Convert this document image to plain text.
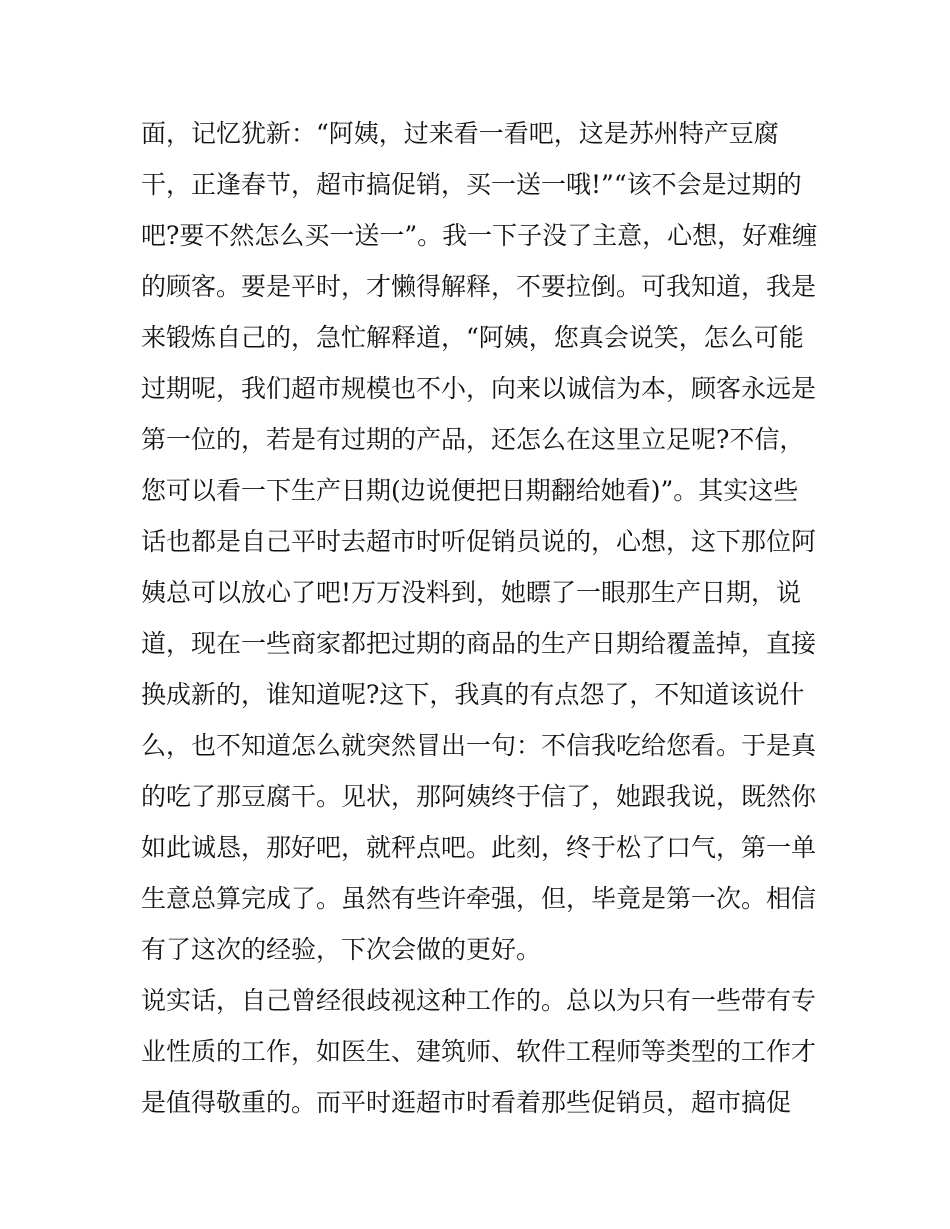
面，记忆犹新：“阿姨，过来看一看吧，这是苏州特产豆腐
干，正逢春节，超市搞促销，买一送一哦!”“该不会是过期的
吧?要不然怎么买一送一”。我一下子没了主意，心想，好难缠
的顾客。要是平时，才懒得解释，不要拉倒。可我知道，我是
来锻炼自己的，急忙解释道，“阿姨，您真会说笑，怎么可能
过期呢，我们超市规模也不小，向来以诚信为本，顾客永远是
第一位的，若是有过期的产品，还怎么在这里立足呢?不信，
您可以看一下生产日期(边说便把日期翻给她看)”。其实这些
话也都是自己平时去超市时听促销员说的，心想，这下那位阿
姨总可以放心了吧!万万没料到，她瞟了一眼那生产日期，说
道，现在一些商家都把过期的商品的生产日期给覆盖掉，直接
换成新的，谁知道呢?这下，我真的有点怨了，不知道该说什
么，也不知道怎么就突然冒出一句：不信我吃给您看。于是真
的吃了那豆腐干。见状，那阿姨终于信了，她跟我说，既然你
如此诚恳，那好吧，就秤点吧。此刻，终于松了口气，第一单
生意总算完成了。虽然有些许牵强，但，毕竟是第一次。相信
有了这次的经验，下次会做的更好。
说实话，自己曾经很歧视这种工作的。总以为只有一些带有专
业性质的工作，如医生、建筑师、软件工程师等类型的工作才
是值得敬重的。而平时逛超市时看着那些促销员，超市搞促
